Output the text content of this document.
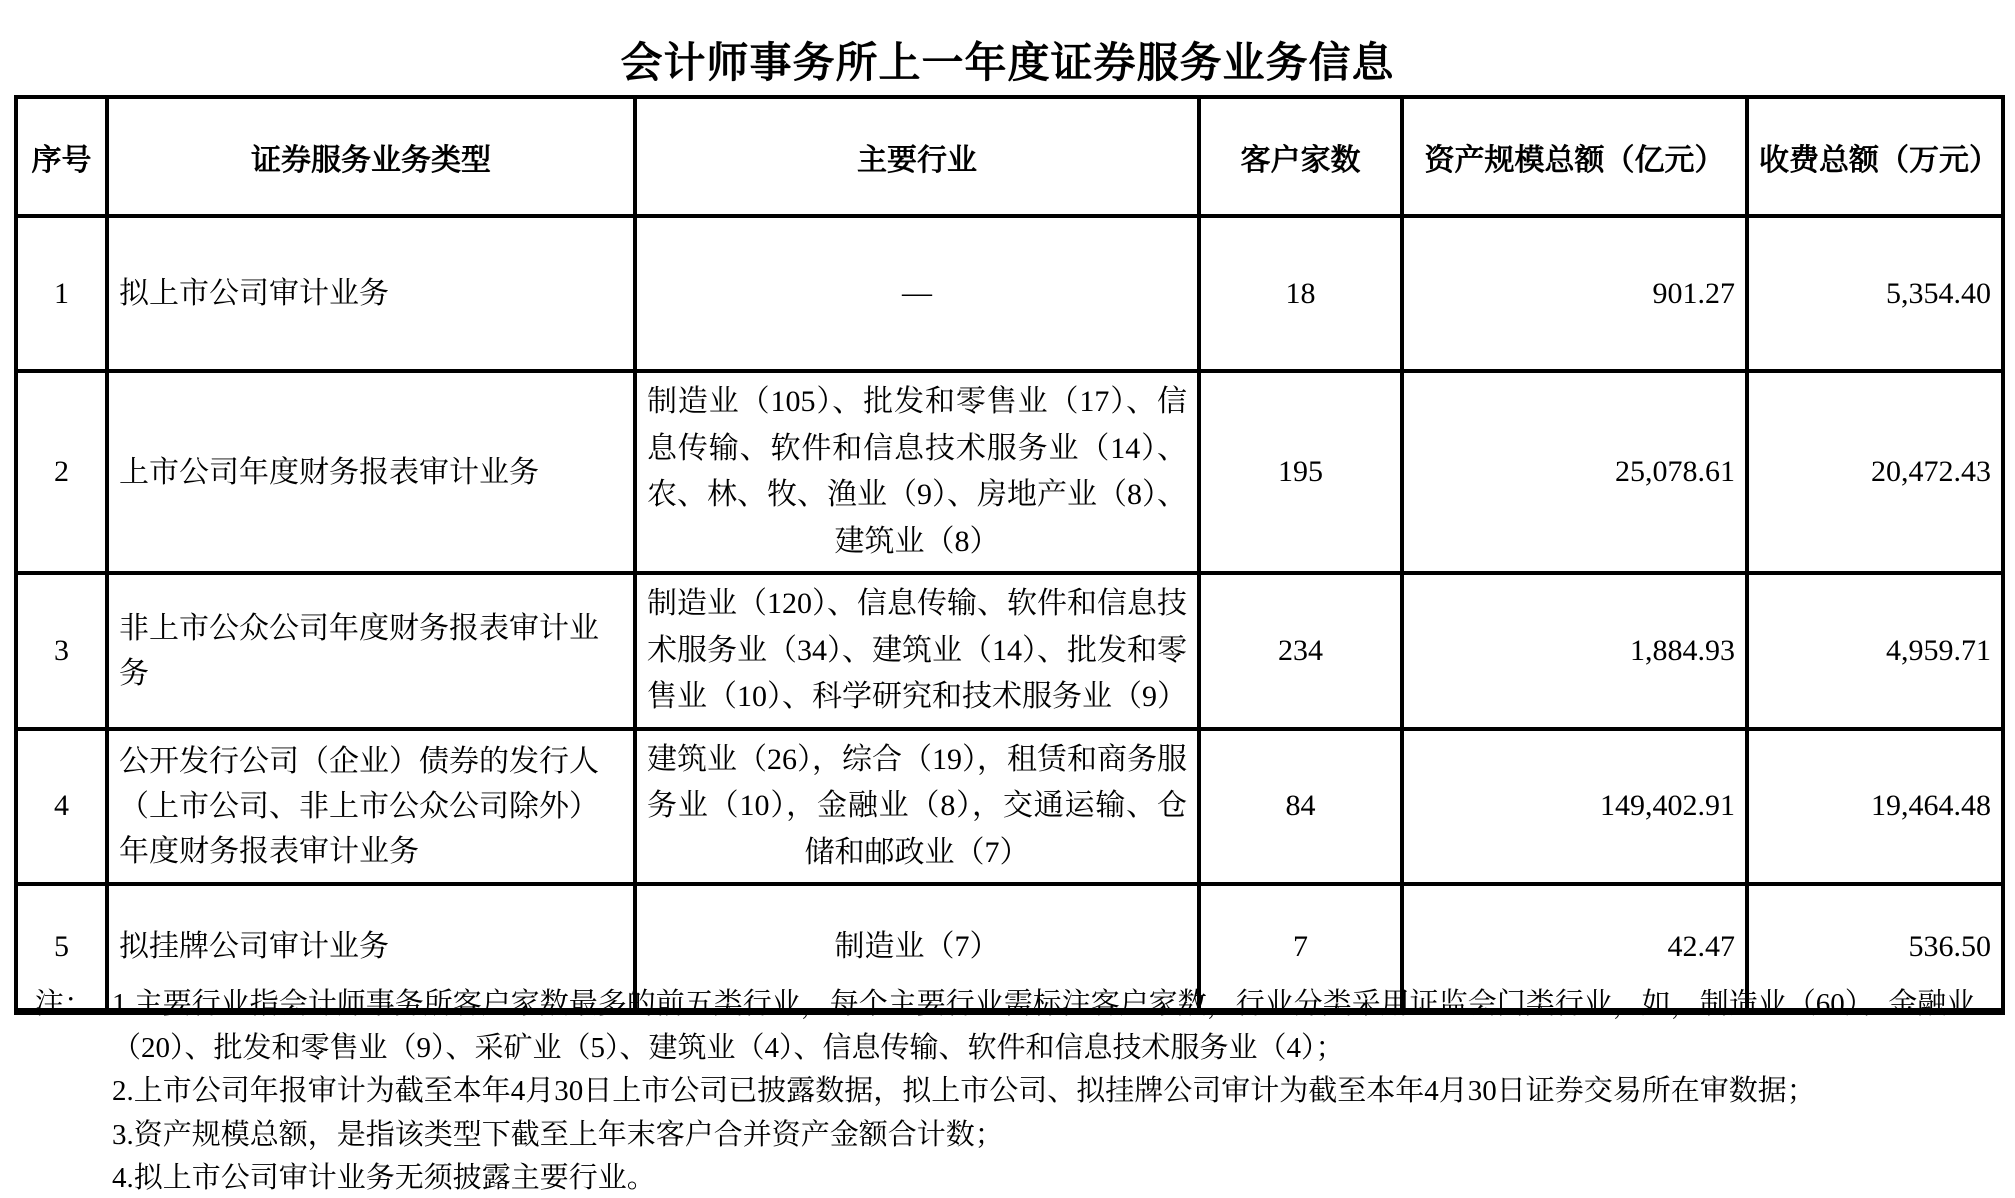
会计师事务所上一年度证券服务业务信息
序号	证券服务业务类型	主要行业	客户家数	资产规模总额（亿元）	收费总额（万元）
1	拟上市公司审计业务	—	18	901.27	5,354.40
2	上市公司年度财务报表审计业务	制造业（105）、批发和零售业（17）、信息传输、软件和信息技术服务业（14）、农、林、牧、渔业（9）、房地产业（8）、建筑业（8）	195	25,078.61	20,472.43
3	非上市公众公司年度财务报表审计业务	制造业（120）、信息传输、软件和信息技术服务业（34）、建筑业（14）、批发和零售业（10）、科学研究和技术服务业（9）	234	1,884.93	4,959.71
4	公开发行公司（企业）债券的发行人（上市公司、非上市公众公司除外）年度财务报表审计业务	建筑业（26），综合（19），租赁和商务服务业（10），金融业（8），交通运输、仓储和邮政业（7）	84	149,402.91	19,464.48
5	拟挂牌公司审计业务	制造业（7）	7	42.47	536.50
注： 1.主要行业指会计师事务所客户家数最多的前五类行业，每个主要行业需标注客户家数，行业分类采用证监会门类行业，如，制造业（60）、金融业（20）、批发和零售业（9）、采矿业（5）、建筑业（4）、信息传输、软件和信息技术服务业（4）；

2.上市公司年报审计为截至本年4月30日上市公司已披露数据，拟上市公司、拟挂牌公司审计为截至本年4月30日证券交易所在审数据；

3.资产规模总额，是指该类型下截至上年末客户合并资产金额合计数；

4.拟上市公司审计业务无须披露主要行业。
